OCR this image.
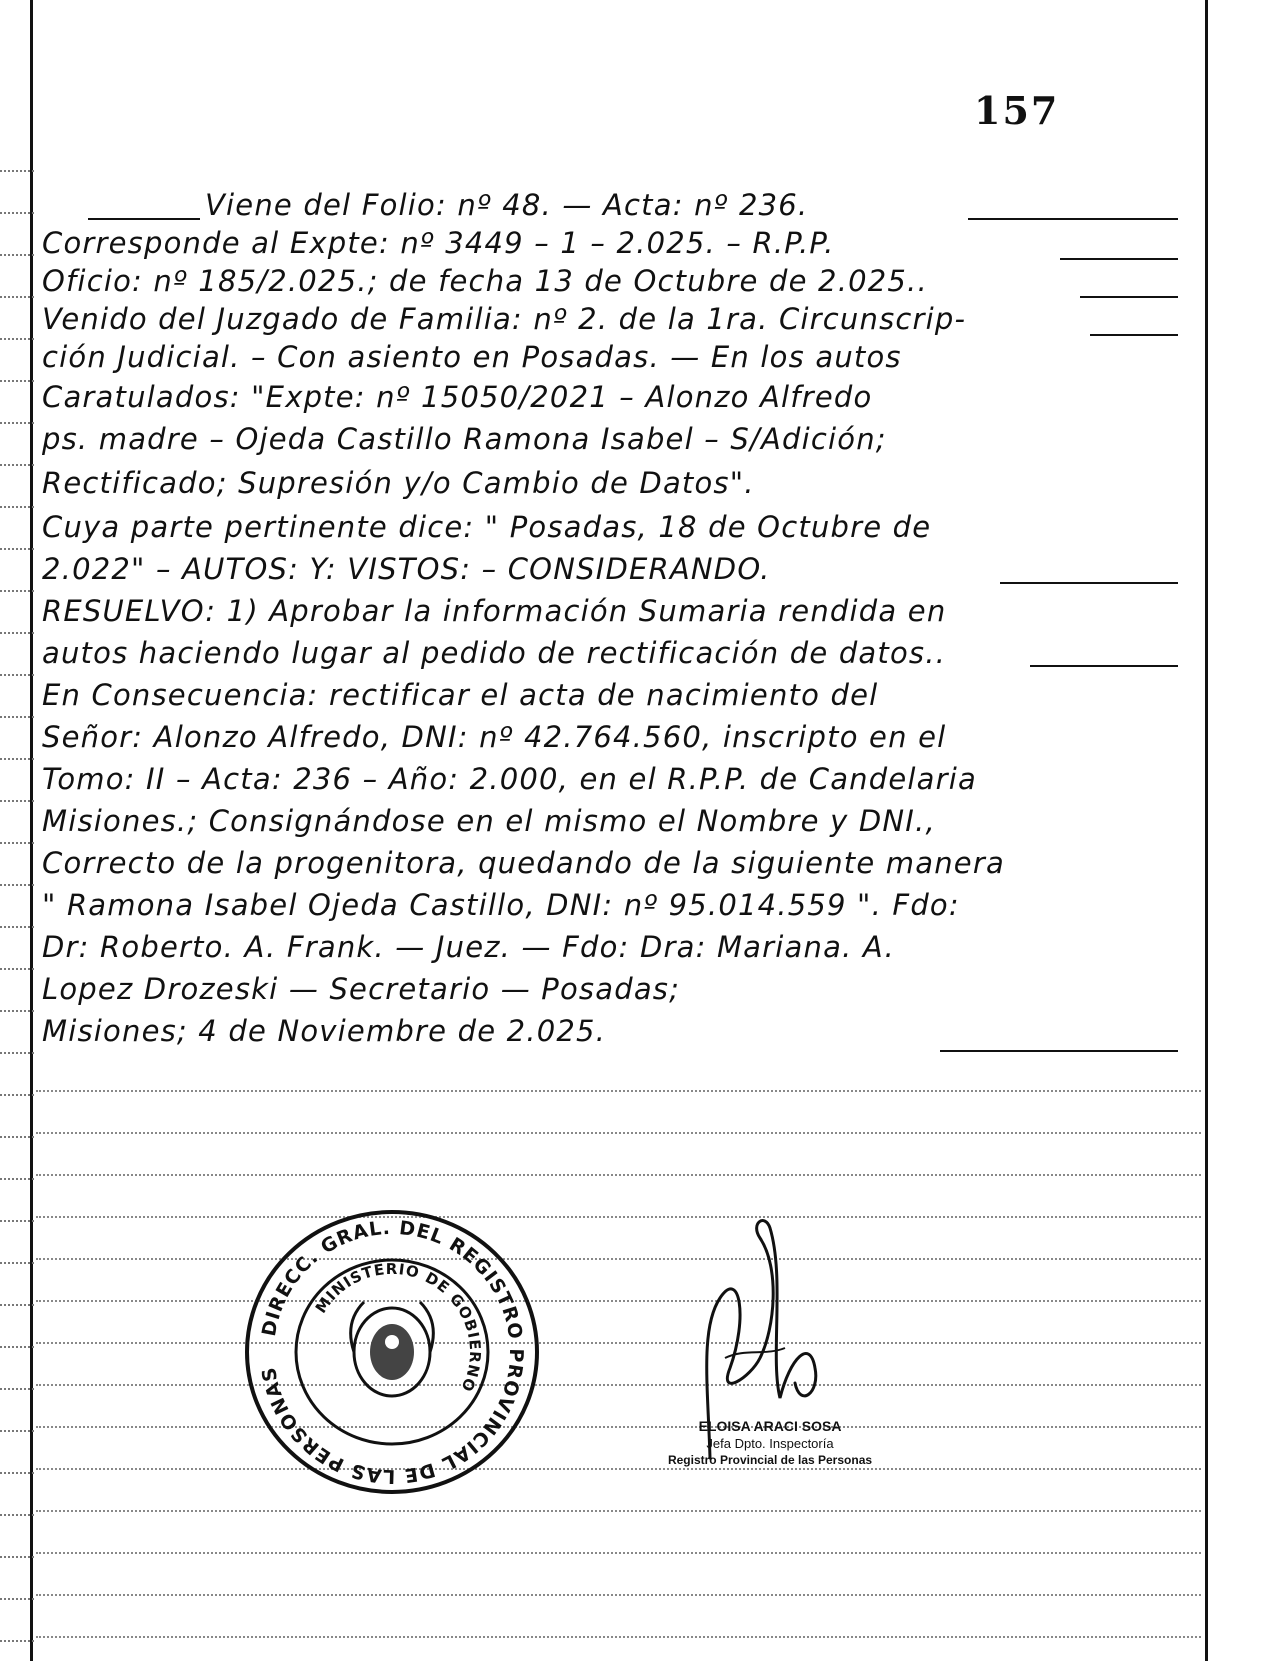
157
Viene del Folio: nº 48. — Acta: nº 236.
Corresponde al Expte: nº 3449 – 1 – 2.025. – R.P.P.
Oficio: nº 185/2.025.; de fecha 13 de Octubre de 2.025..
Venido del Juzgado de Familia: nº 2. de la 1ra. Circunscrip-
ción Judicial. – Con asiento en Posadas. — En los autos
Caratulados: "Expte: nº 15050/2021 – Alonzo Alfredo
ps. madre – Ojeda Castillo Ramona Isabel – S/Adición;
Rectificado; Supresión y/o Cambio de Datos".
Cuya parte pertinente dice: " Posadas, 18 de Octubre de
2.022" – AUTOS: Y: VISTOS: – CONSIDERANDO.
RESUELVO: 1) Aprobar la información Sumaria rendida en
autos haciendo lugar al pedido de rectificación de datos..
En Consecuencia: rectificar el acta de nacimiento del
Señor: Alonzo Alfredo, DNI: nº 42.764.560, inscripto en el
Tomo: II – Acta: 236 – Año: 2.000, en el R.P.P. de Candelaria
Misiones.; Consignándose en el mismo el Nombre y DNI.,
Correcto de la progenitora, quedando de la siguiente manera
" Ramona Isabel Ojeda Castillo, DNI: nº 95.014.559 ". Fdo:
Dr: Roberto. A. Frank. — Juez. — Fdo: Dra: Mariana. A.
Lopez Drozeski — Secretario — Posadas;
Misiones; 4 de Noviembre de 2.025.
DIRECC. GRAL. DEL REGISTRO PROVINCIAL DE LAS PERSONAS
MINISTERIO DE GOBIERNO
ELOISA ARACI SOSA
Jefa Dpto. Inspectoría
Registro Provincial de las Personas
